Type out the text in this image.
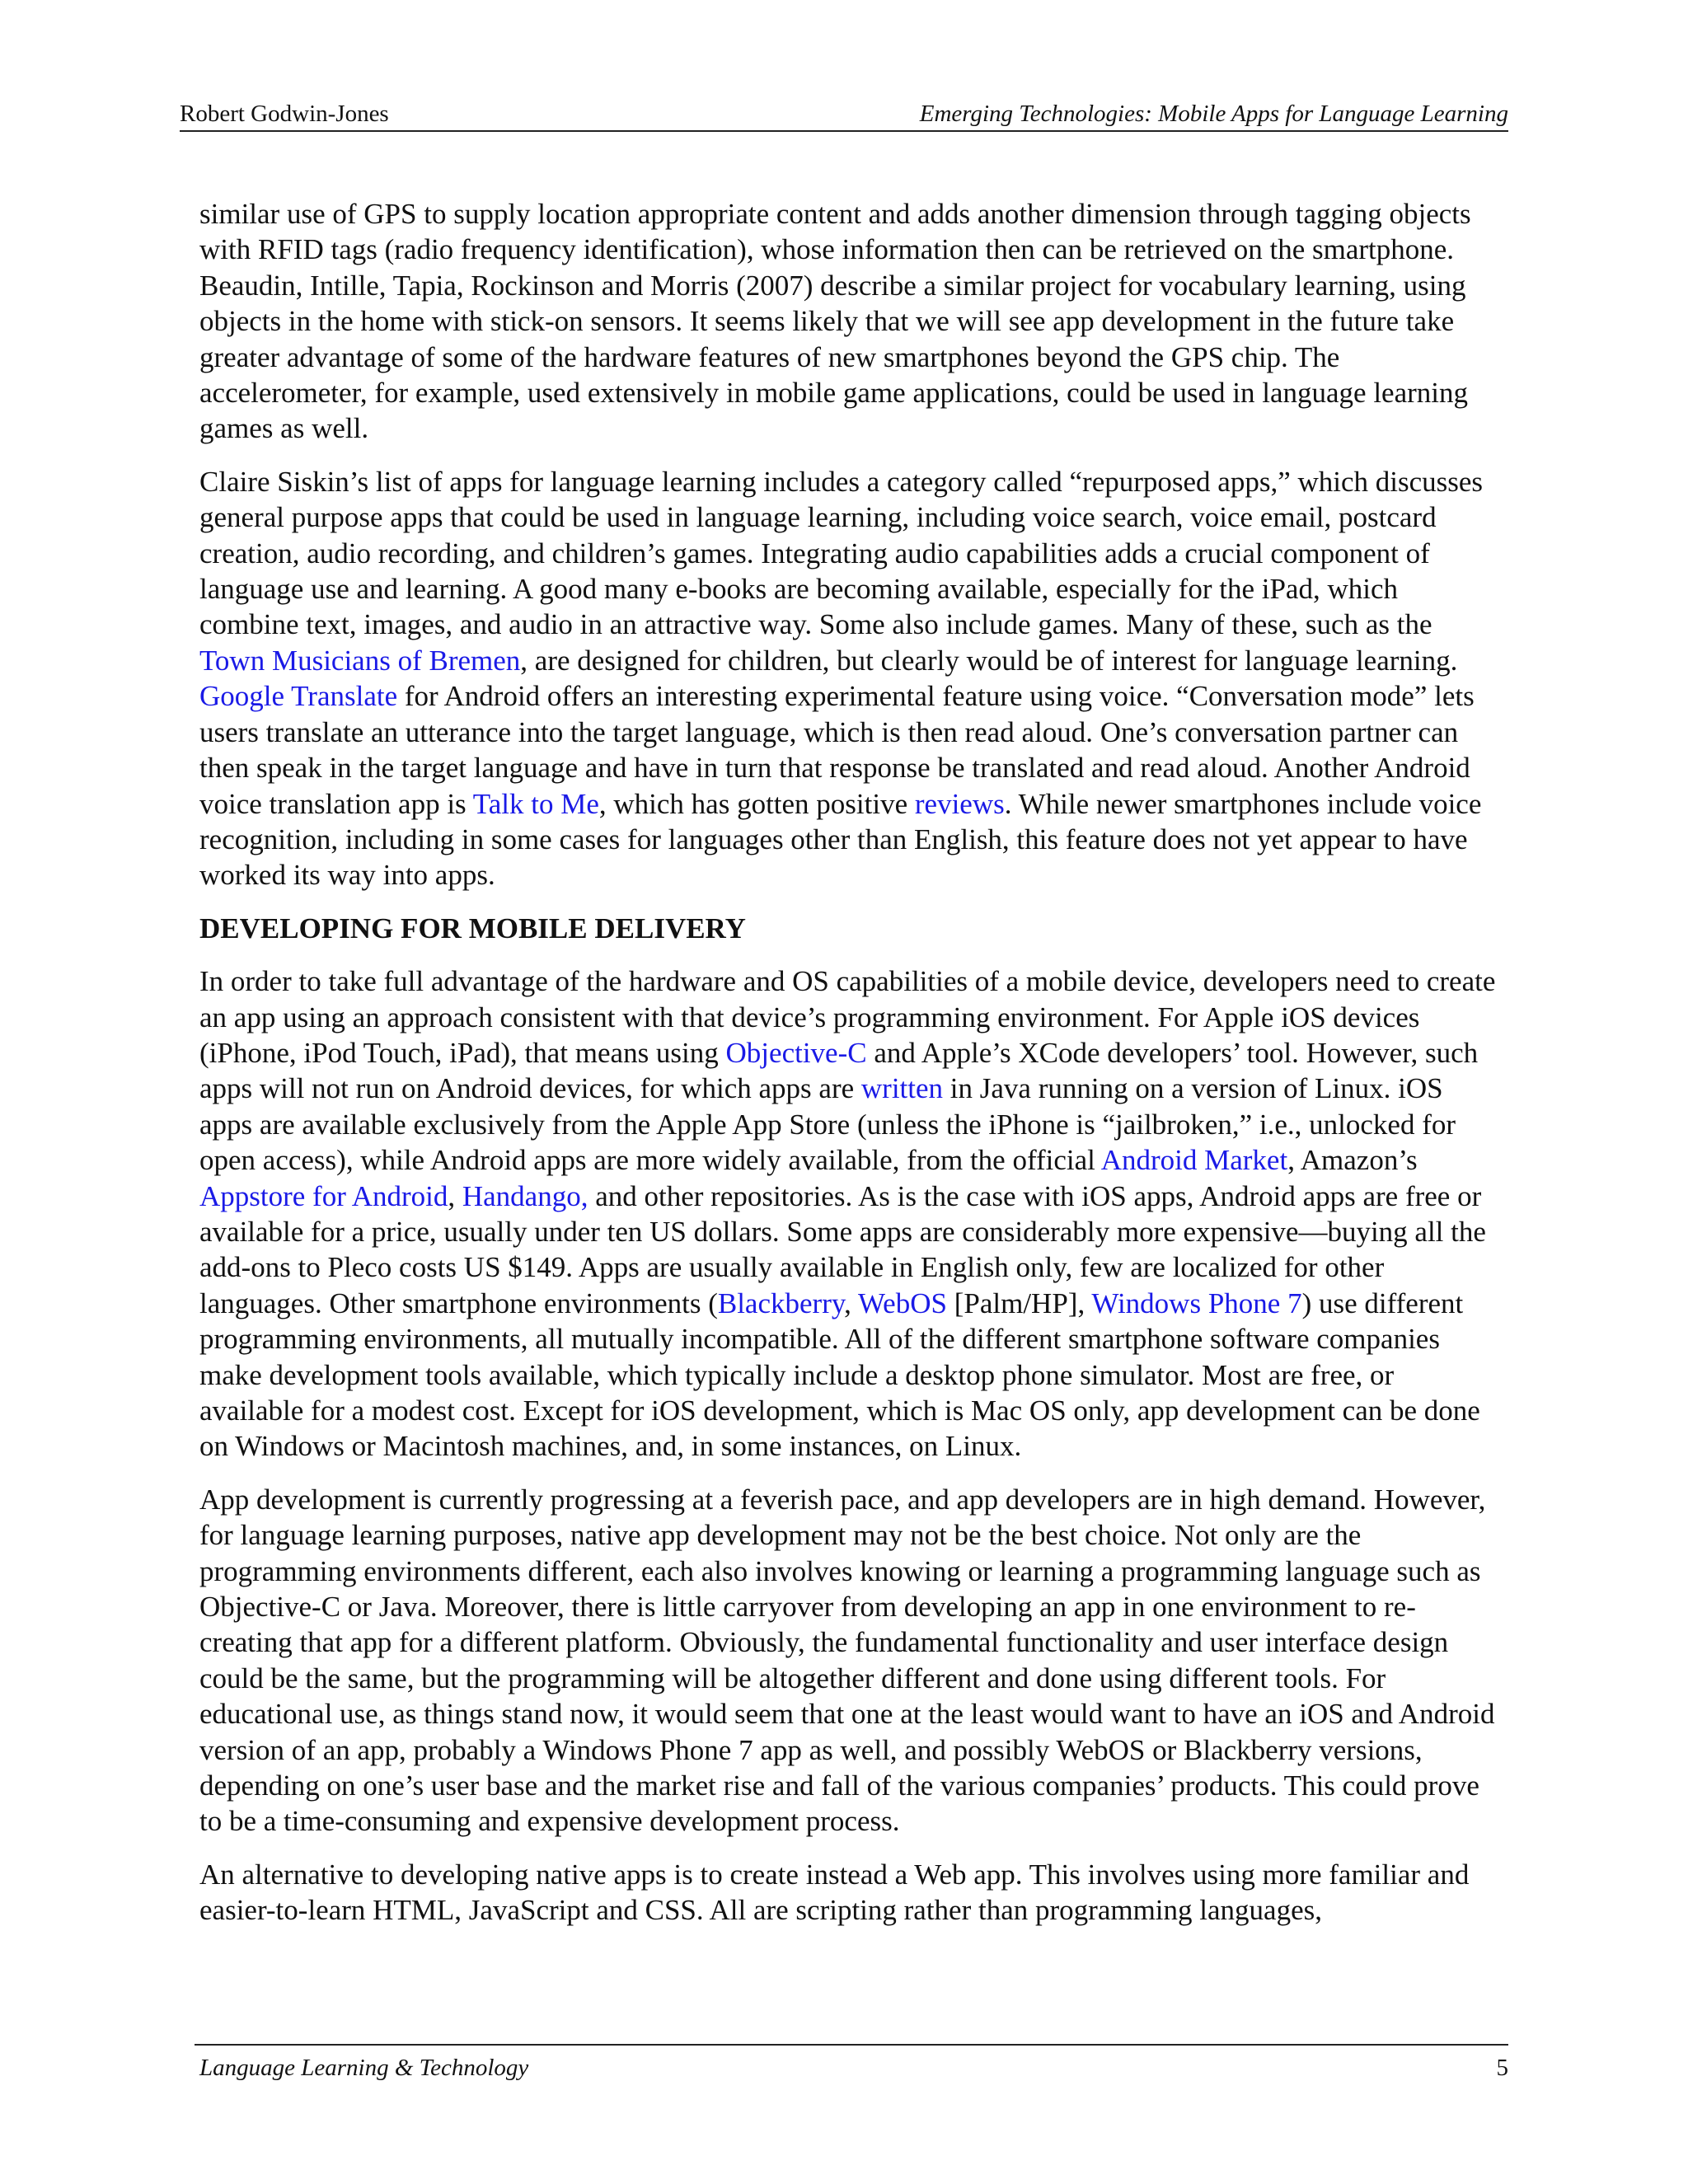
Robert Godwin-Jones	Emerging Technologies: Mobile Apps for Language Learning

similar use of GPS to supply location appropriate content and adds another dimension through tagging objects with RFID tags (radio frequency identification), whose information then can be retrieved on the smartphone. Beaudin, Intille, Tapia, Rockinson and Morris (2007) describe a similar project for vocabulary learning, using objects in the home with stick-on sensors. It seems likely that we will see app development in the future take greater advantage of some of the hardware features of new smartphones beyond the GPS chip. The accelerometer, for example, used extensively in mobile game applications, could be used in language learning games as well.

Claire Siskin’s list of apps for language learning includes a category called “repurposed apps,” which discusses general purpose apps that could be used in language learning, including voice search, voice email, postcard creation, audio recording, and children’s games. Integrating audio capabilities adds a crucial component of language use and learning. A good many e-books are becoming available, especially for the iPad, which combine text, images, and audio in an attractive way. Some also include games. Many of these, such as the Town Musicians of Bremen, are designed for children, but clearly would be of interest for language learning. Google Translate for Android offers an interesting experimental feature using voice. “Conversation mode” lets users translate an utterance into the target language, which is then read aloud. One’s conversation partner can then speak in the target language and have in turn that response be translated and read aloud. Another Android voice translation app is Talk to Me, which has gotten positive reviews. While newer smartphones include voice recognition, including in some cases for languages other than English, this feature does not yet appear to have worked its way into apps.

DEVELOPING FOR MOBILE DELIVERY

In order to take full advantage of the hardware and OS capabilities of a mobile device, developers need to create an app using an approach consistent with that device’s programming environment. For Apple iOS devices (iPhone, iPod Touch, iPad), that means using Objective-C and Apple’s XCode developers’ tool. However, such apps will not run on Android devices, for which apps are written in Java running on a version of Linux. iOS apps are available exclusively from the Apple App Store (unless the iPhone is “jailbroken,” i.e., unlocked for open access), while Android apps are more widely available, from the official Android Market, Amazon’s Appstore for Android, Handango, and other repositories. As is the case with iOS apps, Android apps are free or available for a price, usually under ten US dollars. Some apps are considerably more expensive—buying all the add-ons to Pleco costs US $149. Apps are usually available in English only, few are localized for other languages. Other smartphone environments (Blackberry, WebOS [Palm/HP], Windows Phone 7) use different programming environments, all mutually incompatible. All of the different smartphone software companies make development tools available, which typically include a desktop phone simulator. Most are free, or available for a modest cost. Except for iOS development, which is Mac OS only, app development can be done on Windows or Macintosh machines, and, in some instances, on Linux.

App development is currently progressing at a feverish pace, and app developers are in high demand. However, for language learning purposes, native app development may not be the best choice. Not only are the programming environments different, each also involves knowing or learning a programming language such as Objective-C or Java. Moreover, there is little carryover from developing an app in one environment to re-creating that app for a different platform. Obviously, the fundamental functionality and user interface design could be the same, but the programming will be altogether different and done using different tools. For educational use, as things stand now, it would seem that one at the least would want to have an iOS and Android version of an app, probably a Windows Phone 7 app as well, and possibly WebOS or Blackberry versions, depending on one’s user base and the market rise and fall of the various companies’ products. This could prove to be a time-consuming and expensive development process.

An alternative to developing native apps is to create instead a Web app. This involves using more familiar and easier-to-learn HTML, JavaScript and CSS. All are scripting rather than programming languages,

Language Learning & Technology	5
